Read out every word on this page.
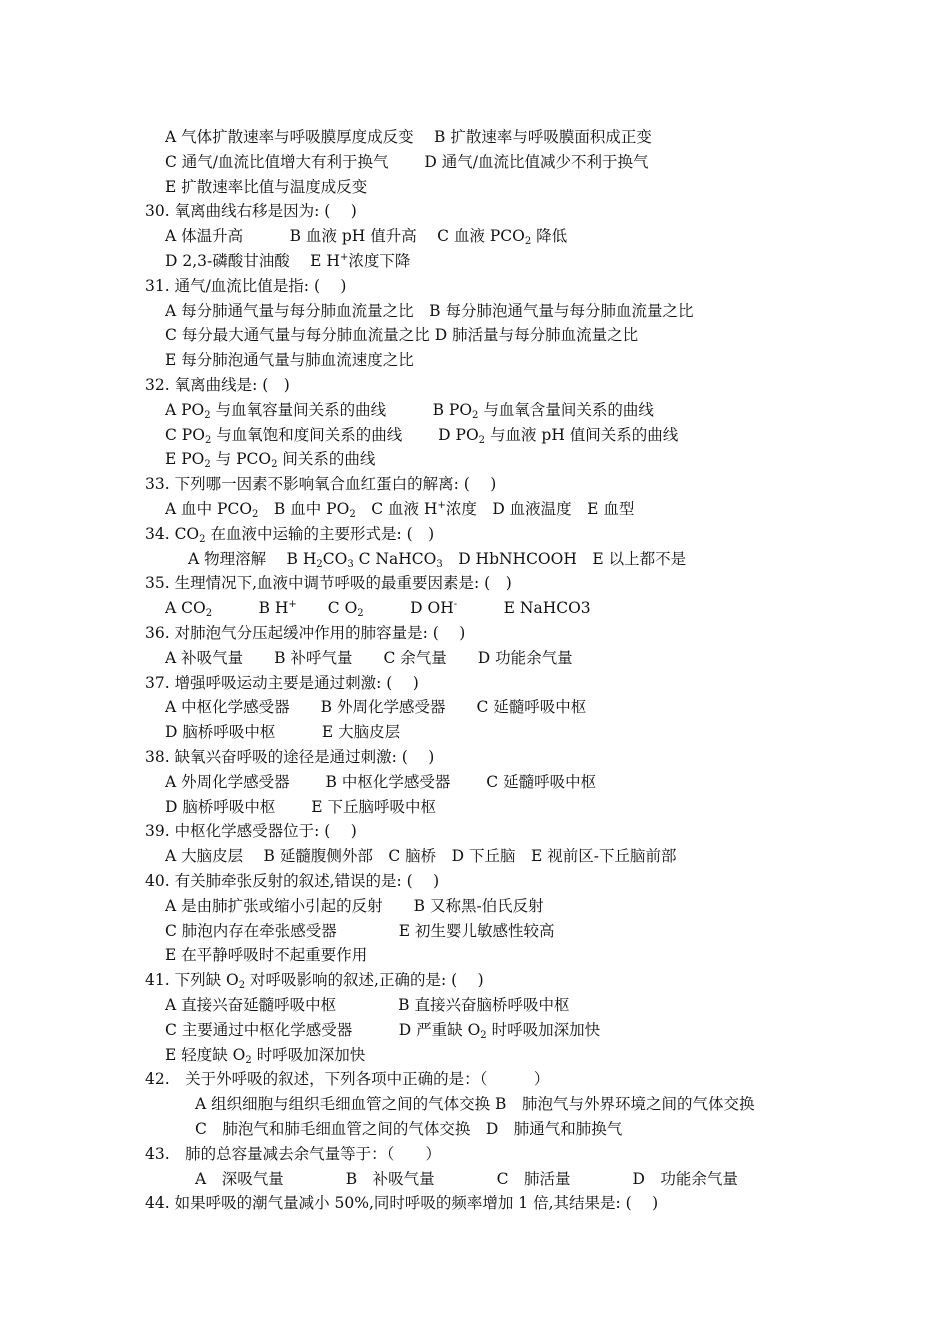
A 气体扩散速率与呼吸膜厚度成反变　 B 扩散速率与呼吸膜面积成正变
C 通气/血流比值增大有利于换气　　 D 通气/血流比值减少不利于换气
E 扩散速率比值与温度成反变
30. 氧离曲线右移是因为: (　 )
A 体温升高　　　B 血液 pH 值升高　 C 血液 $PCO_2$ 降低
D 2,3-磷酸甘油酸　 E H+浓度下降
31. 通气/血流比值是指: (　 )
A 每分肺通气量与每分肺血流量之比　B 每分肺泡通气量与每分肺血流量之比
C 每分最大通气量与每分肺血流量之比 D 肺活量与每分肺血流量之比
E 每分肺泡通气量与肺血流速度之比
32. 氧离曲线是: (　)
A $PO_2$ 与血氧容量间关系的曲线　　　B $PO_2$ 与血氧含量间关系的曲线
C $PO_2$ 与血氧饱和度间关系的曲线　　 D $PO_2$ 与血液 pH 值间关系的曲线
E $PO_2$ 与 $PCO_2$ 间关系的曲线
33. 下列哪一因素不影响氧合血红蛋白的解离: (　 )
A 血中 $PCO_2$　B 血中 $PO_2$　C 血液 H+浓度　D 血液温度　E 血型
34. $CO_2$ 在血液中运输的主要形式是: (　)
A 物理溶解　 B $H_2CO_3$ C NaHCO$_3$　D HbNHCOOH　E 以上都不是
35. 生理情况下,血液中调节呼吸的最重要因素是: (　)
A $CO_2$　　　B H+　　C $O_2$　　　D OH-　　　E NaHCO3
36. 对肺泡气分压起缓冲作用的肺容量是: (　 )
A 补吸气量　　B 补呼气量　　C 余气量　　D 功能余气量
37. 增强呼吸运动主要是通过刺激: (　 )
A 中枢化学感受器　　B 外周化学感受器　　C 延髓呼吸中枢
D 脑桥呼吸中枢　　　E 大脑皮层
38. 缺氧兴奋呼吸的途径是通过刺激: (　 )
A 外周化学感受器　　 B 中枢化学感受器　　 C 延髓呼吸中枢
D 脑桥呼吸中枢　　 E 下丘脑呼吸中枢
39. 中枢化学感受器位于: (　 )
A 大脑皮层　 B 延髓腹侧外部　C 脑桥　D 下丘脑　E 视前区-下丘脑前部
40. 有关肺牵张反射的叙述,错误的是: (　 )
A 是由肺扩张或缩小引起的反射　　B 又称黑-伯氏反射
C 肺泡内存在牵张感受器　　　　E 初生婴儿敏感性较高
E 在平静呼吸时不起重要作用
41. 下列缺 $O_2$ 对呼吸影响的叙述,正确的是: (　 )
A 直接兴奋延髓呼吸中枢　　　　B 直接兴奋脑桥呼吸中枢
C 主要通过中枢化学感受器　　　D 严重缺 $O_2$ 时呼吸加深加快
E 轻度缺 $O_2$ 时呼吸加深加快
42.　关于外呼吸的叙述，下列各项中正确的是：（　　　）
A 组织细胞与组织毛细血管之间的气体交换 B　肺泡气与外界环境之间的气体交换
C　肺泡气和肺毛细血管之间的气体交换　D　肺通气和肺换气
43.　肺的总容量减去余气量等于：（　　）
A　深吸气量　　　　B　补吸气量　　　　C　肺活量　　　　D　功能余气量
44. 如果呼吸的潮气量减小 50%,同时呼吸的频率增加 1 倍,其结果是: (　 )
